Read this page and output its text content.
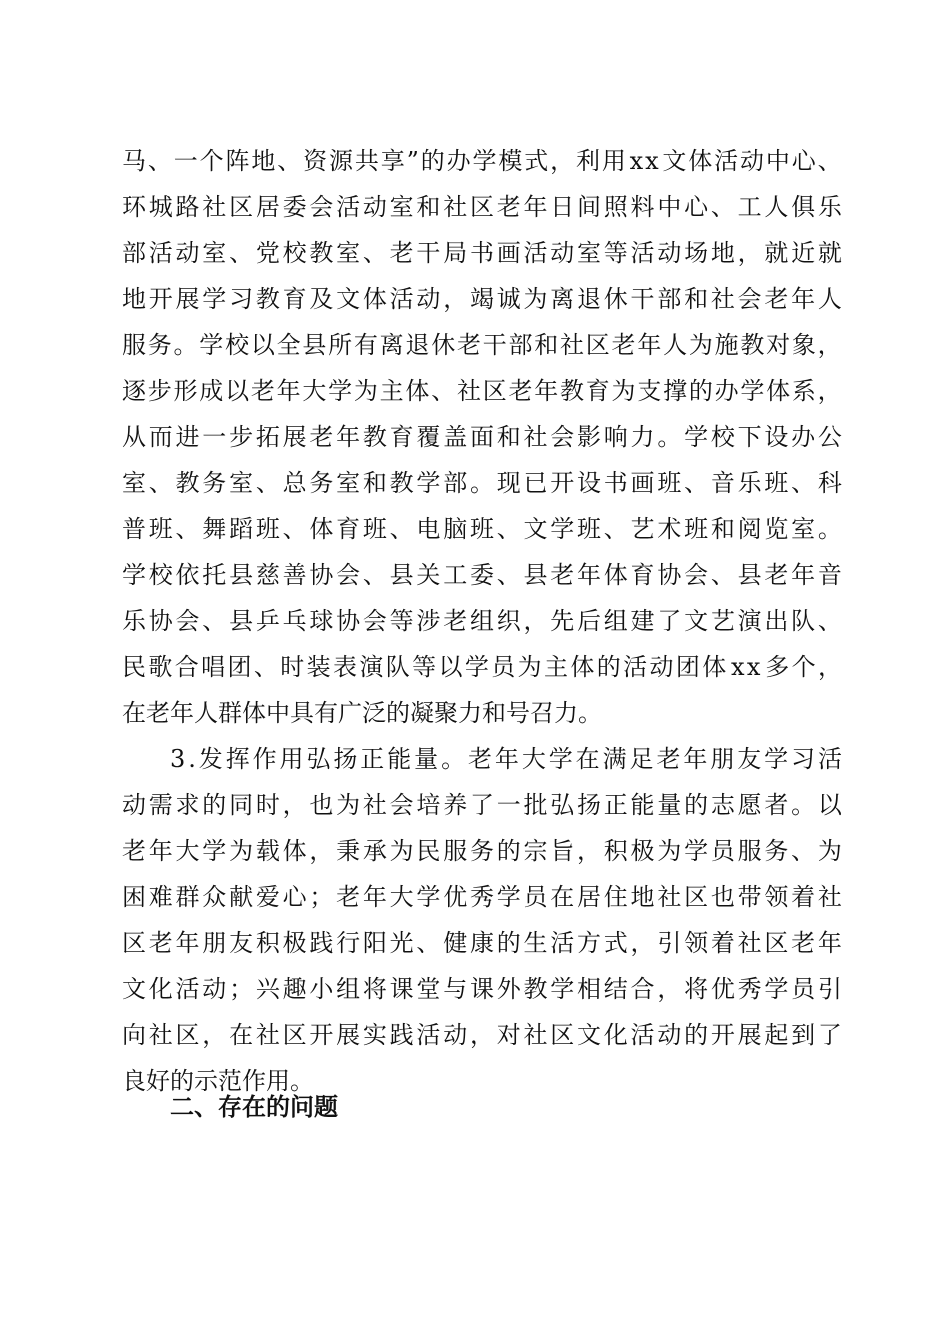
马 、 一 个 阵 地 、 资 源 共 享 ” 的 办 学 模 式 ， 利 用 x x 文 体 活 动 中 心 、
环 城 路 社 区 居 委 会 活 动 室 和 社 区 老 年 日 间 照 料 中 心 、 工 人 俱 乐
部 活 动 室 、 党 校 教 室 、 老 干 局 书 画 活 动 室 等 活 动 场 地 ， 就 近 就
地 开 展 学 习 教 育 及 文 体 活 动 ， 竭 诚 为 离 退 休 干 部 和 社 会 老 年 人
服 务 。 学 校 以 全 县 所 有 离 退 休 老 干 部 和 社 区 老 年 人 为 施 教 对 象 ，
逐 步 形 成 以 老 年 大 学 为 主 体 、 社 区 老 年 教 育 为 支 撑 的 办 学 体 系 ，
从 而 进 一 步 拓 展 老 年 教 育 覆 盖 面 和 社 会 影 响 力 。 学 校 下 设 办 公
室 、 教 务 室 、 总 务 室 和 教 学 部 。 现 已 开 设 书 画 班 、 音 乐 班 、 科
普 班 、 舞 蹈 班 、 体 育 班 、 电 脑 班 、 文 学 班 、 艺 术 班 和 阅 览 室 。
学 校 依 托 县 慈 善 协 会 、 县 关 工 委 、 县 老 年 体 育 协 会 、 县 老 年 音
乐 协 会 、 县 乒 乓 球 协 会 等 涉 老 组 织 ， 先 后 组 建 了 文 艺 演 出 队 、
民 歌 合 唱 团 、 时 装 表 演 队 等 以 学 员 为 主 体 的 活 动 团 体 x x 多 个 ，
在老年人群体中具有广泛的凝聚力和号召力。
3 . 发 挥 作 用 弘 扬 正 能 量 。 老 年 大 学 在 满 足 老 年 朋 友 学 习 活
动 需 求 的 同 时 ， 也 为 社 会 培 养 了 一 批 弘 扬 正 能 量 的 志 愿 者 。 以
老 年 大 学 为 载 体 ， 秉 承 为 民 服 务 的 宗 旨 ， 积 极 为 学 员 服 务 、 为
困 难 群 众 献 爱 心 ； 老 年 大 学 优 秀 学 员 在 居 住 地 社 区 也 带 领 着 社
区 老 年 朋 友 积 极 践 行 阳 光 、 健 康 的 生 活 方 式 ， 引 领 着 社 区 老 年
文 化 活 动 ； 兴 趣 小 组 将 课 堂 与 课 外 教 学 相 结 合 ， 将 优 秀 学 员 引
向 社 区 ， 在 社 区 开 展 实 践 活 动 ， 对 社 区 文 化 活 动 的 开 展 起 到 了
良好的示范作用。
二、存在的问题
